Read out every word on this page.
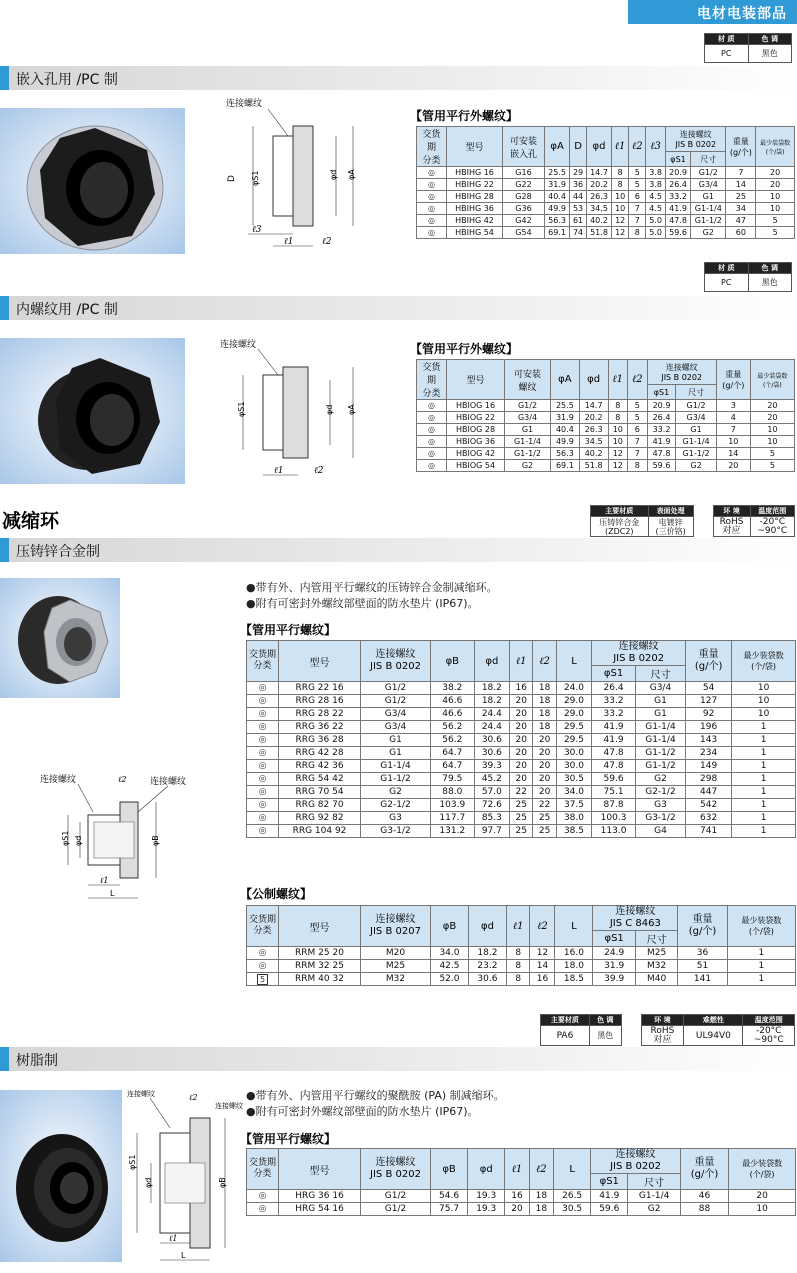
电材电装部品
材 质	色 调
PC	黑色
嵌入孔用 /PC 制
连接螺纹
D φS1	φd φA
ℓ3
ℓ1	ℓ2
【管用平行外螺纹】
交货期
分类	型号	可安装
嵌入孔	φA	D	φd	ℓ1	ℓ2	ℓ3	连接螺纹
JIS B 0202		重量
(g/个)	最少装袋数
(个/袋)
									φS1	尺寸		
◎	HBIHG 16	G16	25.5	29	14.7	8	5	3.8	20.9	G1/2	7	20
◎	HBIHG 22	G22	31.9	36	20.2	8	5	3.8	26.4	G3/4	14	20
◎	HBIHG 28	G28	40.4	44	26.3	10	6	4.5	33.2	G1	25	10
◎	HBIHG 36	G36	49.9	53	34.5	10	7	4.5	41.9	G1-1/4	34	10
◎	HBIHG 42	G42	56.3	61	40.2	12	7	5.0	47.8	G1-1/2	47	5
◎	HBIHG 54	G54	69.1	74	51.8	12	8	5.0	59.6	G2	60	5
材 质	色 调
PC	黑色
内螺纹用 /PC 制
连接螺纹
φS1	φd φA
ℓ1	ℓ2
【管用平行外螺纹】
交货期
分类	型号	可安装
螺纹	φA	φd	ℓ1	ℓ2	连接螺纹
JIS B 0202		重量
(g/个)	最少装袋数
(个/袋)
							φS1	尺寸		
◎	HBIOG 16	G1/2	25.5	14.7	8	5	20.9	G1/2	3	20
◎	HBIOG 22	G3/4	31.9	20.2	8	5	26.4	G3/4	4	20
◎	HBIOG 28	G1	40.4	26.3	10	6	33.2	G1	7	10
◎	HBIOG 36	G1-1/4	49.9	34.5	10	7	41.9	G1-1/4	10	10
◎	HBIOG 42	G1-1/2	56.3	40.2	12	7	47.8	G1-1/2	14	5
◎	HBIOG 54	G2	69.1	51.8	12	8	59.6	G2	20	5
减缩环	主要材质	表面处理		环 境	温度范围
压铸锌合金
(ZDC2)	电镀锌
(三价铬)		RoHS
对应	-20°C
~90°C
压铸锌合金制
连接螺纹	连接螺纹
ℓ2
φS1 φd	φB
ℓ1
L
●带有外、内管用平行螺纹的压铸锌合金制减缩环。
●附有可密封外螺纹部壁面的防水垫片 (IP67)。
【管用平行螺纹】
交货期
分类	型号	连接螺纹
JIS B 0202	φB	φd	ℓ1	ℓ2	L	连接螺纹
JIS B 0202		重量
(g/个)	最少装袋数
(个/袋)
								φS1	尺寸		
◎	RRG 22 16	G1/2	38.2	18.2	16	18	24.0	26.4	G3/4	54	10
◎	RRG 28 16	G1/2	46.6	18.2	20	18	29.0	33.2	G1	127	10
◎	RRG 28 22	G3/4	46.6	24.4	20	18	29.0	33.2	G1	92	10
◎	RRG 36 22	G3/4	56.2	24.4	20	18	29.5	41.9	G1-1/4	196	1
◎	RRG 36 28	G1	56.2	30.6	20	20	29.5	41.9	G1-1/4	143	1
◎	RRG 42 28	G1	64.7	30.6	20	20	30.0	47.8	G1-1/2	234	1
◎	RRG 42 36	G1-1/4	64.7	39.3	20	20	30.0	47.8	G1-1/2	149	1
◎	RRG 54 42	G1-1/2	79.5	45.2	20	20	30.5	59.6	G2	298	1
◎	RRG 70 54	G2	88.0	57.0	22	20	34.0	75.1	G2-1/2	447	1
◎	RRG 82 70	G2-1/2	103.9	72.6	25	22	37.5	87.8	G3	542	1
◎	RRG 92 82	G3	117.7	85.3	25	25	38.0	100.3	G3-1/2	632	1
◎	RRG 104 92	G3-1/2	131.2	97.7	25	25	38.5	113.0	G4	741	1
【公制螺纹】
交货期
分类	型号	连接螺纹
JIS B 0207	φB	φd	ℓ1	ℓ2	L	连接螺纹
JIS C 8463		重量
(g/个)	最少装袋数
(个/袋)
								φS1	尺寸		
◎	RRM 25 20	M20	34.0	18.2	8	12	16.0	24.9	M25	36	1
◎	RRM 32 25	M25	42.5	23.2	8	14	18.0	31.9	M32	51	1
5	RRM 40 32	M32	52.0	30.6	8	16	18.5	39.9	M40	141	1
主要材质	色 调		环 境	难燃性	温度范围
PA6	黑色		RoHS
对应	UL94V0	-20°C
~90°C
树脂制
连接螺纹
连接螺纹
ℓ2
φS1
φd	φB
ℓ1
L
●带有外、内管用平行螺纹的聚酰胺 (PA) 制减缩环。
●附有可密封外螺纹部壁面的防水垫片 (IP67)。
【管用平行螺纹】
交货期
分类	型号	连接螺纹
JIS B 0202	φB	φd	ℓ1	ℓ2	L	连接螺纹
JIS B 0202		重量
(g/个)	最少装袋数
(个/袋)
								φS1	尺寸		
◎	HRG 36 16	G1/2	54.6	19.3	16	18	26.5	41.9	G1-1/4	46	20
◎	HRG 54 16	G1/2	75.7	19.3	20	18	30.5	59.6	G2	88	10
